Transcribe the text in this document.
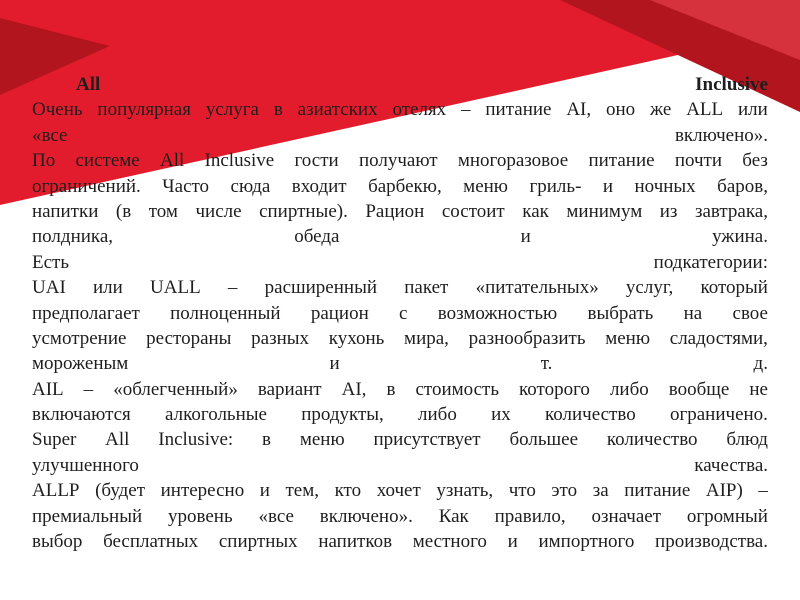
All	Inclusive
Очень популярная услуга в азиатских отелях – питание AI, оно же ALL или
«все	включено».
По системе All Inclusive гости получают многоразовое питание почти без
ограничений. Часто сюда входит барбекю, меню гриль- и ночных баров,
напитки (в том числе спиртные). Рацион состоит как минимум из завтрака,
полдника,	обеда	и	ужина.
Есть	подкатегории:
UAI или UALL – расширенный пакет «питательных» услуг, который
предполагает полноценный рацион с возможностью выбрать на свое
усмотрение рестораны разных кухонь мира, разнообразить меню сладостями,
мороженым	и	т.	д.
AIL – «облегченный» вариант AI, в стоимость которого либо вообще не
включаются алкогольные продукты, либо их количество ограничено.
Super All Inclusive: в меню присутствует большее количество блюд
улучшенного	качества.
ALLP (будет интересно и тем, кто хочет узнать, что это за питание AIP) –
премиальный уровень «все включено». Как правило, означает огромный
выбор бесплатных спиртных напитков местного и импортного производства.
